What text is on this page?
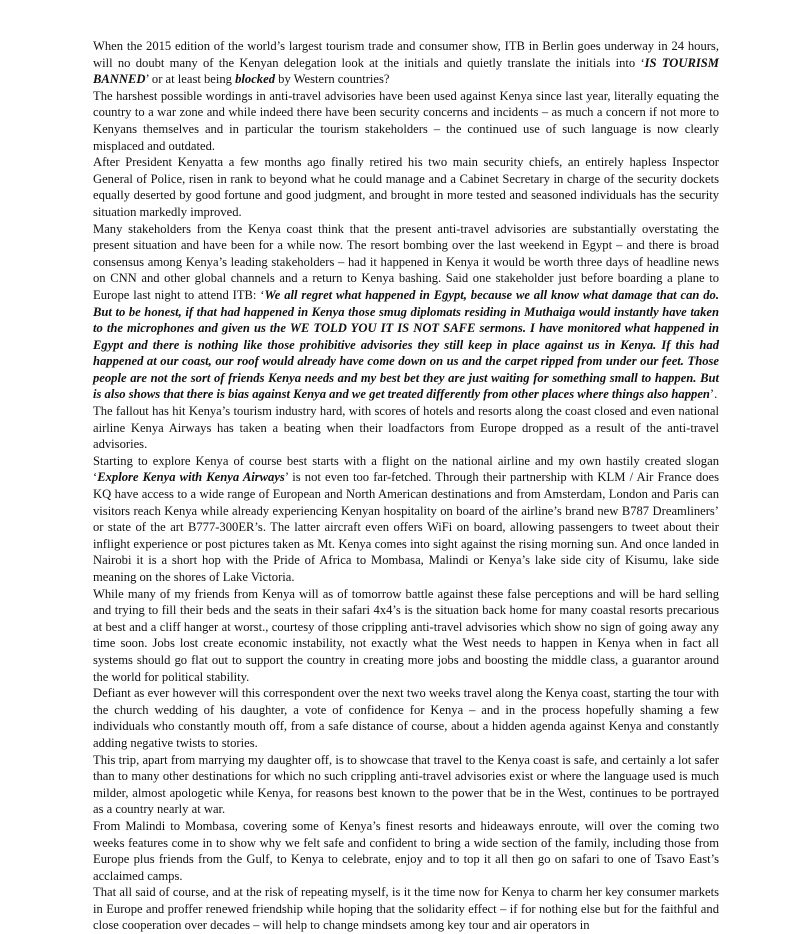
When the 2015 edition of the world’s largest tourism trade and consumer show, ITB in Berlin goes underway in 24 hours, will no doubt many of the Kenyan delegation look at the initials and quietly translate the initials into ‘IS TOURISM BANNED’ or at least being blocked by Western countries?

The harshest possible wordings in anti-travel advisories have been used against Kenya since last year, literally equating the country to a war zone and while indeed there have been security concerns and incidents – as much a concern if not more to Kenyans themselves and in particular the tourism stakeholders – the continued use of such language is now clearly misplaced and outdated.

After President Kenyatta a few months ago finally retired his two main security chiefs, an entirely hapless Inspector General of Police, risen in rank to beyond what he could manage and a Cabinet Secretary in charge of the security dockets equally deserted by good fortune and good judgment, and brought in more tested and seasoned individuals has the security situation markedly improved.

Many stakeholders from the Kenya coast think that the present anti-travel advisories are substantially overstating the present situation and have been for a while now. The resort bombing over the last weekend in Egypt – and there is broad consensus among Kenya’s leading stakeholders – had it happened in Kenya it would be worth three days of headline news on CNN and other global channels and a return to Kenya bashing. Said one stakeholder just before boarding a plane to Europe last night to attend ITB: ‘We all regret what happened in Egypt, because we all know what damage that can do. But to be honest, if that had happened in Kenya those smug diplomats residing in Muthaiga would instantly have taken to the microphones and given us the WE TOLD YOU IT IS NOT SAFE sermons. I have monitored what happened in Egypt and there is nothing like those prohibitive advisories they still keep in place against us in Kenya. If this had happened at our coast, our roof would already have come down on us and the carpet ripped from under our feet. Those people are not the sort of friends Kenya needs and my best bet they are just waiting for something small to happen. But is also shows that there is bias against Kenya and we get treated differently from other places where things also happen’.

The fallout has hit Kenya’s tourism industry hard, with scores of hotels and resorts along the coast closed and even national airline Kenya Airways has taken a beating when their loadfactors from Europe dropped as a result of the anti-travel advisories.

Starting to explore Kenya of course best starts with a flight on the national airline and my own hastily created slogan ‘Explore Kenya with Kenya Airways’ is not even too far-fetched. Through their partnership with KLM / Air France does KQ have access to a wide range of European and North American destinations and from Amsterdam, London and Paris can visitors reach Kenya while already experiencing Kenyan hospitality on board of the airline’s brand new B787 Dreamliners’ or state of the art B777-300ER’s. The latter aircraft even offers WiFi on board, allowing passengers to tweet about their inflight experience or post pictures taken as Mt. Kenya comes into sight against the rising morning sun. And once landed in Nairobi it is a short hop with the Pride of Africa to Mombasa, Malindi or Kenya’s lake side city of Kisumu, lake side meaning on the shores of Lake Victoria.

While many of my friends from Kenya will as of tomorrow battle against these false perceptions and will be hard selling and trying to fill their beds and the seats in their safari 4x4’s is the situation back home for many coastal resorts precarious at best and a cliff hanger at worst., courtesy of those crippling anti-travel advisories which show no sign of going away any time soon. Jobs lost create economic instability, not exactly what the West needs to happen in Kenya when in fact all systems should go flat out to support the country in creating more jobs and boosting the middle class, a guarantor around the world for political stability.

Defiant as ever however will this correspondent over the next two weeks travel along the Kenya coast, starting the tour with the church wedding of his daughter, a vote of confidence for Kenya – and in the process hopefully shaming a few individuals who constantly mouth off, from a safe distance of course, about a hidden agenda against Kenya and constantly adding negative twists to stories.

This trip, apart from marrying my daughter off, is to showcase that travel to the Kenya coast is safe, and certainly a lot safer than to many other destinations for which no such crippling anti-travel advisories exist or where the language used is much milder, almost apologetic while Kenya, for reasons best known to the power that be in the West, continues to be portrayed as a country nearly at war.

From Malindi to Mombasa, covering some of Kenya’s finest resorts and hideaways enroute, will over the coming two weeks features come in to show why we felt safe and confident to bring a wide section of the family, including those from Europe plus friends from the Gulf, to Kenya to celebrate, enjoy and to top it all then go on safari to one of Tsavo East’s acclaimed camps.

That all said of course, and at the risk of repeating myself, is it the time now for Kenya to charm her key consumer markets in Europe and proffer renewed friendship while hoping that the solidarity effect – if for nothing else but for the faithful and close cooperation over decades – will help to change mindsets among key tour and air operators in
